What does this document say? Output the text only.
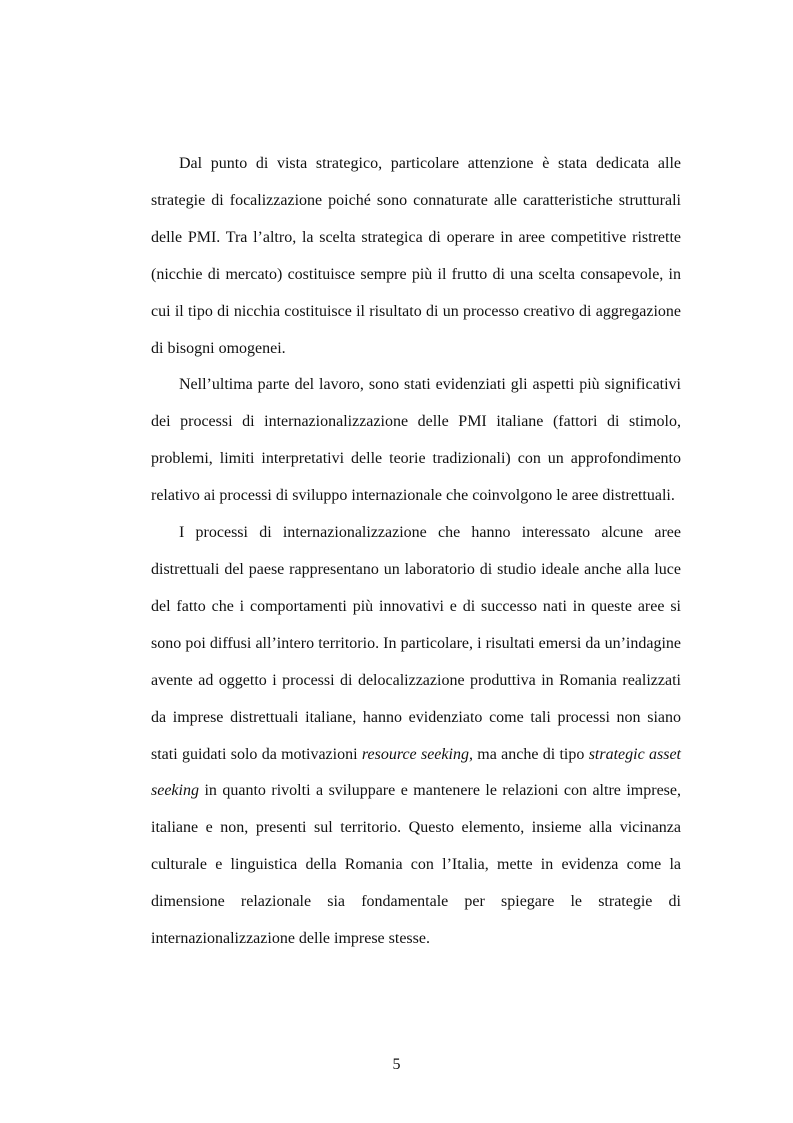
Dal punto di vista strategico, particolare attenzione è stata dedicata alle strategie di focalizzazione poiché sono connaturate alle caratteristiche strutturali delle PMI. Tra l’altro, la scelta strategica di operare in aree competitive ristrette (nicchie di mercato) costituisce sempre più il frutto di una scelta consapevole, in cui il tipo di nicchia costituisce il risultato di un processo creativo di aggregazione di bisogni omogenei.

Nell’ultima parte del lavoro, sono stati evidenziati gli aspetti più significativi dei processi di internazionalizzazione delle PMI italiane (fattori di stimolo, problemi, limiti interpretativi delle teorie tradizionali) con un approfondimento relativo ai processi di sviluppo internazionale che coinvolgono le aree distrettuali.

I processi di internazionalizzazione che hanno interessato alcune aree distrettuali del paese rappresentano un laboratorio di studio ideale anche alla luce del fatto che i comportamenti più innovativi e di successo nati in queste aree si sono poi diffusi all’intero territorio. In particolare, i risultati emersi da un’indagine avente ad oggetto i processi di delocalizzazione produttiva in Romania realizzati da imprese distrettuali italiane, hanno evidenziato come tali processi non siano stati guidati solo da motivazioni resource seeking, ma anche di tipo strategic asset seeking in quanto rivolti a sviluppare e mantenere le relazioni con altre imprese, italiane e non, presenti sul territorio. Questo elemento, insieme alla vicinanza culturale e linguistica della Romania con l’Italia, mette in evidenza come la dimensione relazionale sia fondamentale per spiegare le strategie di internazionalizzazione delle imprese stesse.

5
